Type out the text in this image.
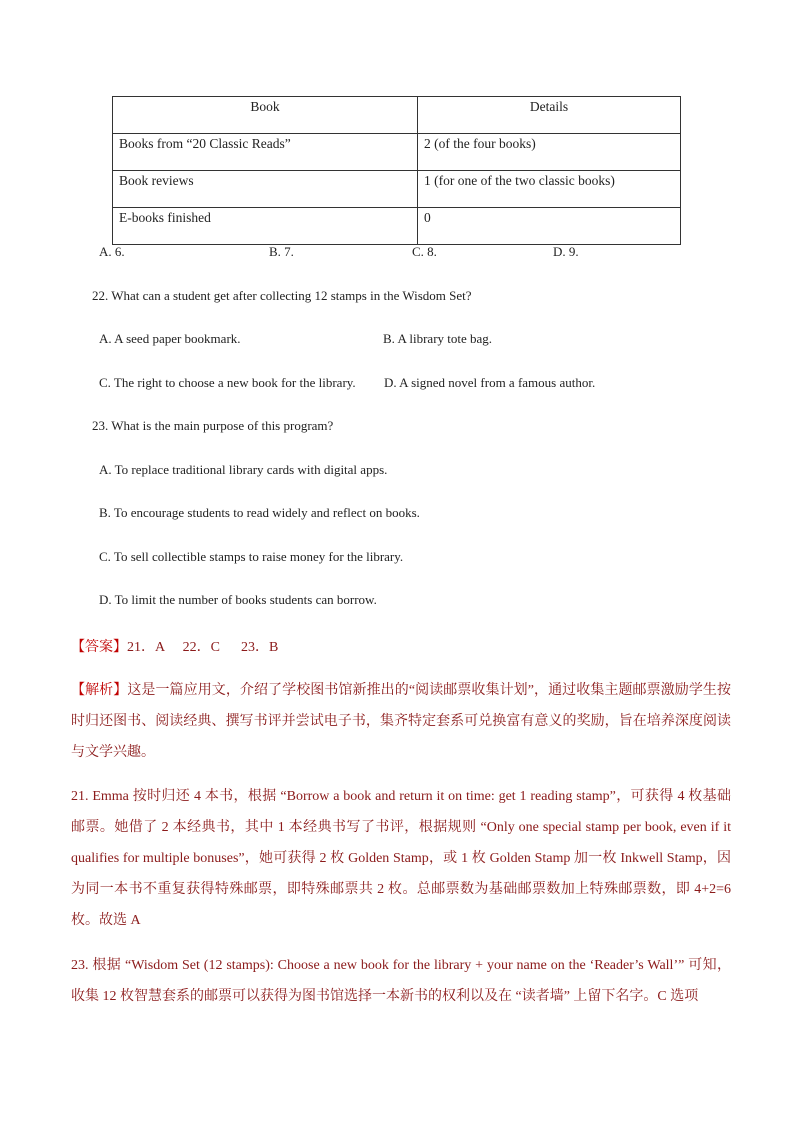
Book	Details
Books from “20 Classic Reads”	2 (of the four books)
Book reviews	1 (for one of the two classic books)
E-books finished	0
A. 6.	B. 7.	C. 8.	D. 9.
22. What can a student get after collecting 12 stamps in the Wisdom Set?
A. A seed paper bookmark.	B. A library tote bag.
C. The right to choose a new book for the library. D. A signed novel from a famous author.
23. What is the main purpose of this program?
A. To replace traditional library cards with digital apps.
B. To encourage students to read widely and reflect on books.
C. To sell collectible stamps to raise money for the library.
D. To limit the number of books students can borrow.
【答案】21．A     22．C      23．B
【解析】这是一篇应用文，介绍了学校图书馆新推出的“阅读邮票收集计划”，通过收集主题邮票激励学生按时归还图书、阅读经典、撰写书评并尝试电子书，集齐特定套系可兑换富有意义的奖励，旨在培养深度阅读与文学兴趣。
21. Emma 按时归还 4 本书，根据 “Borrow a book and return it on time: get 1 reading stamp”，可获得 4 枚基础邮票。她借了 2 本经典书，其中 1 本经典书写了书评，根据规则 “Only one special stamp per book, even if it qualifies for multiple bonuses”，她可获得 2 枚 Golden Stamp，或 1 枚 Golden Stamp 加一枚 Inkwell Stamp，因为同一本书不重复获得特殊邮票，即特殊邮票共 2 枚。总邮票数为基础邮票数加上特殊邮票数，即 4+2=6 枚。故选 A
23. 根据 “Wisdom Set (12 stamps): Choose a new book for the library + your name on the ‘Reader’s Wall’” 可知，收集 12 枚智慧套系的邮票可以获得为图书馆选择一本新书的权利以及在 “读者墙” 上留下名字。C 选项
